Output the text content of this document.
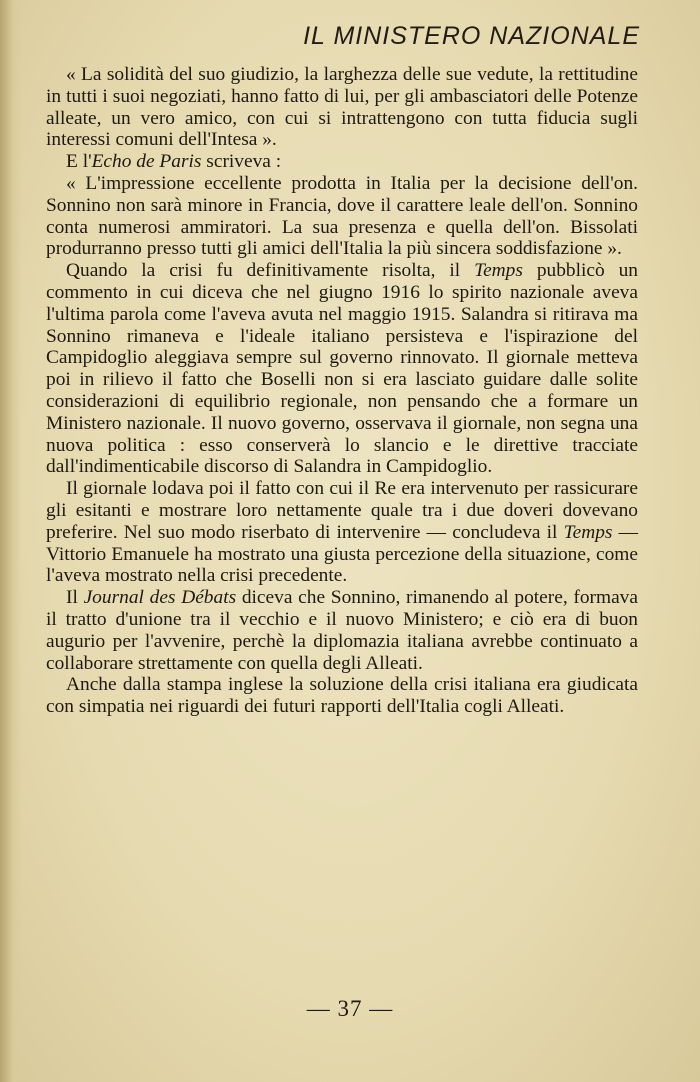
IL MINISTERO NAZIONALE

« La solidità del suo giudizio, la larghezza delle sue vedute, la rettitudine in tutti i suoi negoziati, hanno fatto di lui, per gli ambasciatori delle Potenze alleate, un vero amico, con cui si intrattengono con tutta fiducia sugli interessi comuni dell'Intesa ».

E l'Echo de Paris scriveva :

« L'impressione eccellente prodotta in Italia per la decisione dell'on. Sonnino non sarà minore in Francia, dove il carattere leale dell'on. Sonnino conta numerosi ammiratori. La sua presenza e quella dell'on. Bissolati produrranno presso tutti gli amici dell'Italia la più sincera soddisfazione ».

Quando la crisi fu definitivamente risolta, il Temps pubblicò un commento in cui diceva che nel giugno 1916 lo spirito nazionale aveva l'ultima parola come l'aveva avuta nel maggio 1915. Salandra si ritirava ma Sonnino rimaneva e l'ideale italiano persisteva e l'ispirazione del Campidoglio aleggiava sempre sul governo rinnovato. Il giornale metteva poi in rilievo il fatto che Boselli non si era lasciato guidare dalle solite considerazioni di equilibrio regionale, non pensando che a formare un Ministero nazionale. Il nuovo governo, osservava il giornale, non segna una nuova politica : esso conserverà lo slancio e le direttive tracciate dall'indimenticabile discorso di Salandra in Campidoglio.

Il giornale lodava poi il fatto con cui il Re era intervenuto per rassicurare gli esitanti e mostrare loro nettamente quale tra i due doveri dovevano preferire. Nel suo modo riserbato di intervenire — concludeva il Temps — Vittorio Emanuele ha mostrato una giusta percezione della situazione, come l'aveva mostrato nella crisi precedente.

Il Journal des Débats diceva che Sonnino, rimanendo al potere, formava il tratto d'unione tra il vecchio e il nuovo Ministero; e ciò era di buon augurio per l'avvenire, perchè la diplomazia italiana avrebbe continuato a collaborare strettamente con quella degli Alleati.

Anche dalla stampa inglese la soluzione della crisi italiana era giudicata con simpatia nei riguardi dei futuri rapporti dell'Italia cogli Alleati.

— 37 —
